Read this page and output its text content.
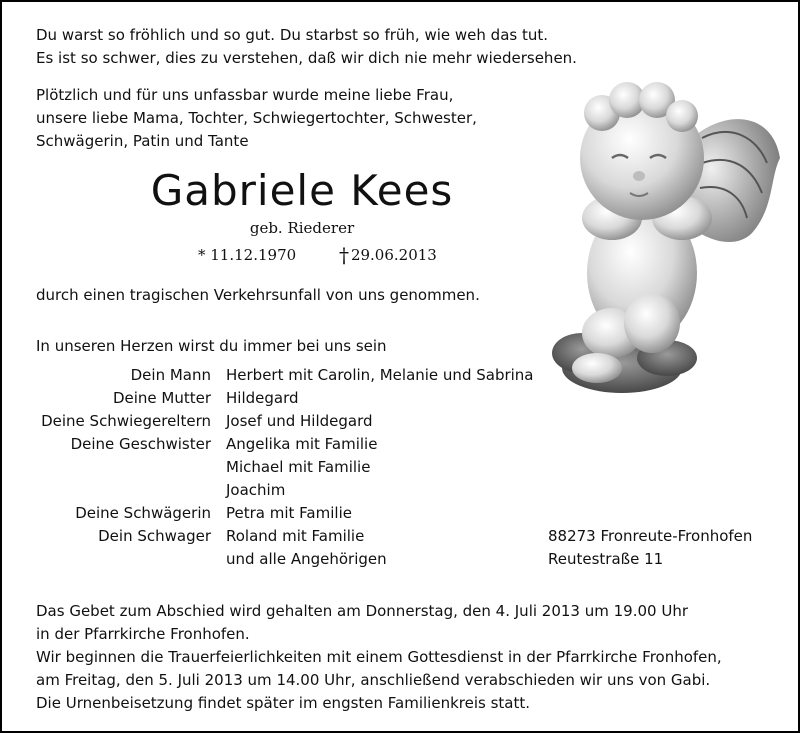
Du warst so fröhlich und so gut. Du starbst so früh, wie weh das tut.
Es ist so schwer, dies zu verstehen, daß wir dich nie mehr wiedersehen.
Plötzlich und für uns unfassbar wurde meine liebe Frau,
unsere liebe Mama, Tochter, Schwiegertochter, Schwester,
Schwägerin, Patin und Tante
Gabriele Kees
geb. Riederer
* 11.12.1970 † 29.06.2013
durch einen tragischen Verkehrsunfall von uns genommen.
In unseren Herzen wirst du immer bei uns sein
Dein Mann Herbert mit Carolin, Melanie und Sabrina
Deine Mutter Hildegard
Deine Schwiegereltern Josef und Hildegard
Deine Geschwister Angelika mit Familie
Michael mit Familie
Joachim
Deine Schwägerin Petra mit Familie
Dein Schwager Roland mit Familie
und alle Angehörigen
88273 Fronreute-Fronhofen
Reutestraße 11
Das Gebet zum Abschied wird gehalten am Donnerstag, den 4. Juli 2013 um 19.00 Uhr
in der Pfarrkirche Fronhofen.
Wir beginnen die Trauerfeierlichkeiten mit einem Gottesdienst in der Pfarrkirche Fronhofen,
am Freitag, den 5. Juli 2013 um 14.00 Uhr, anschließend verabschieden wir uns von Gabi.
Die Urnenbeisetzung findet später im engsten Familienkreis statt.
